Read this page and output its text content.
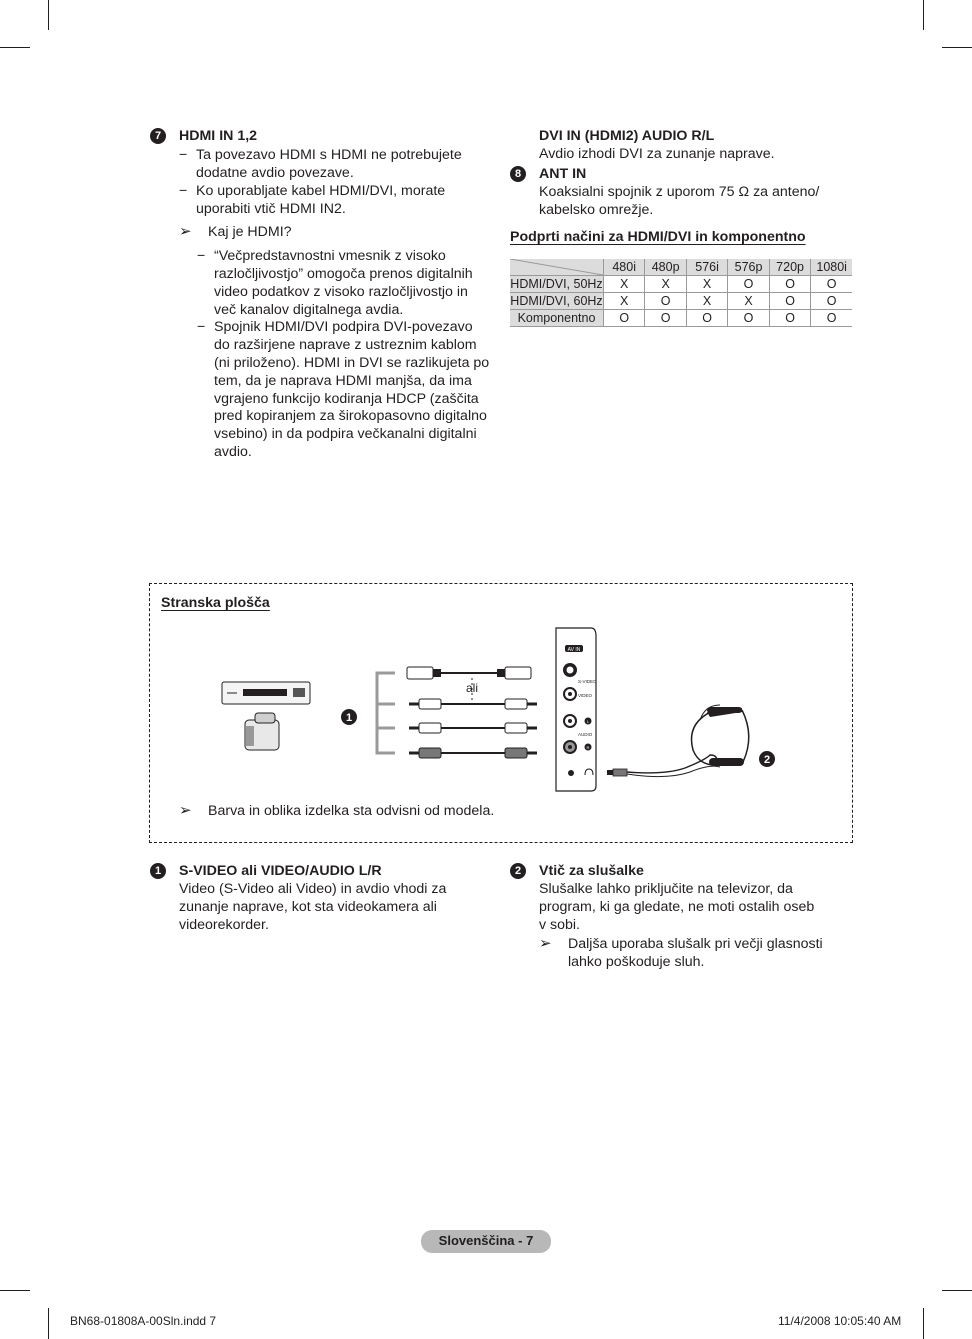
7	HDMI IN 1,2
− Ta povezavo HDMI s HDMI ne potrebujete
dodatne avdio povezave.
− Ko uporabljate kabel HDMI/DVI, morate
uporabiti vtič HDMI IN2.
➢ Kaj je HDMI?
− “Večpredstavnostni vmesnik z visoko
razločljivostjo” omogoča prenos digitalnih
video podatkov z visoko razločljivostjo in
več kanalov digitalnega avdia.
− Spojnik HDMI/DVI podpira DVI-povezavo
do razširjene naprave z ustreznim kablom
(ni priloženo). HDMI in DVI se razlikujeta po
tem, da je naprava HDMI manjša, da ima
vgrajeno funkcijo kodiranja HDCP (zaščita
pred kopiranjem za širokopasovno digitalno
vsebino) in da podpira večkanalni digitalni
avdio.
DVI IN (HDMI2) AUDIO R/L
Avdio izhodi DVI za zunanje naprave.
8	ANT IN
Koaksialni spojnik z uporom 75 Ω za anteno/
kabelsko omrežje.
Podprti načini za HDMI/DVI in komponentno
	480i	480p	576i	576p	720p	1080i
HDMI/DVI, 50Hz	X	X	X	O	O	O
HDMI/DVI, 60Hz	X	O	X	X	O	O
Komponentno	O	O	O	O	O	O
Stranska plošča
1
ali
AV IN
S-VIDEO
VIDEO
L
AUDIO
R
2
➢ Barva in oblika izdelka sta odvisni od modela.
1	S-VIDEO ali VIDEO/AUDIO L/R
Video (S-Video ali Video) in avdio vhodi za
zunanje naprave, kot sta videokamera ali
videorekorder.
2	Vtič za slušalke
Slušalke lahko priključite na televizor, da
program, ki ga gledate, ne moti ostalih oseb
v sobi.
➢ Daljša uporaba slušalk pri večji glasnosti
lahko poškoduje sluh.
Slovenščina - 7
BN68-01808A-00Sln.indd 7	11/4/2008 10:05:40 AM
